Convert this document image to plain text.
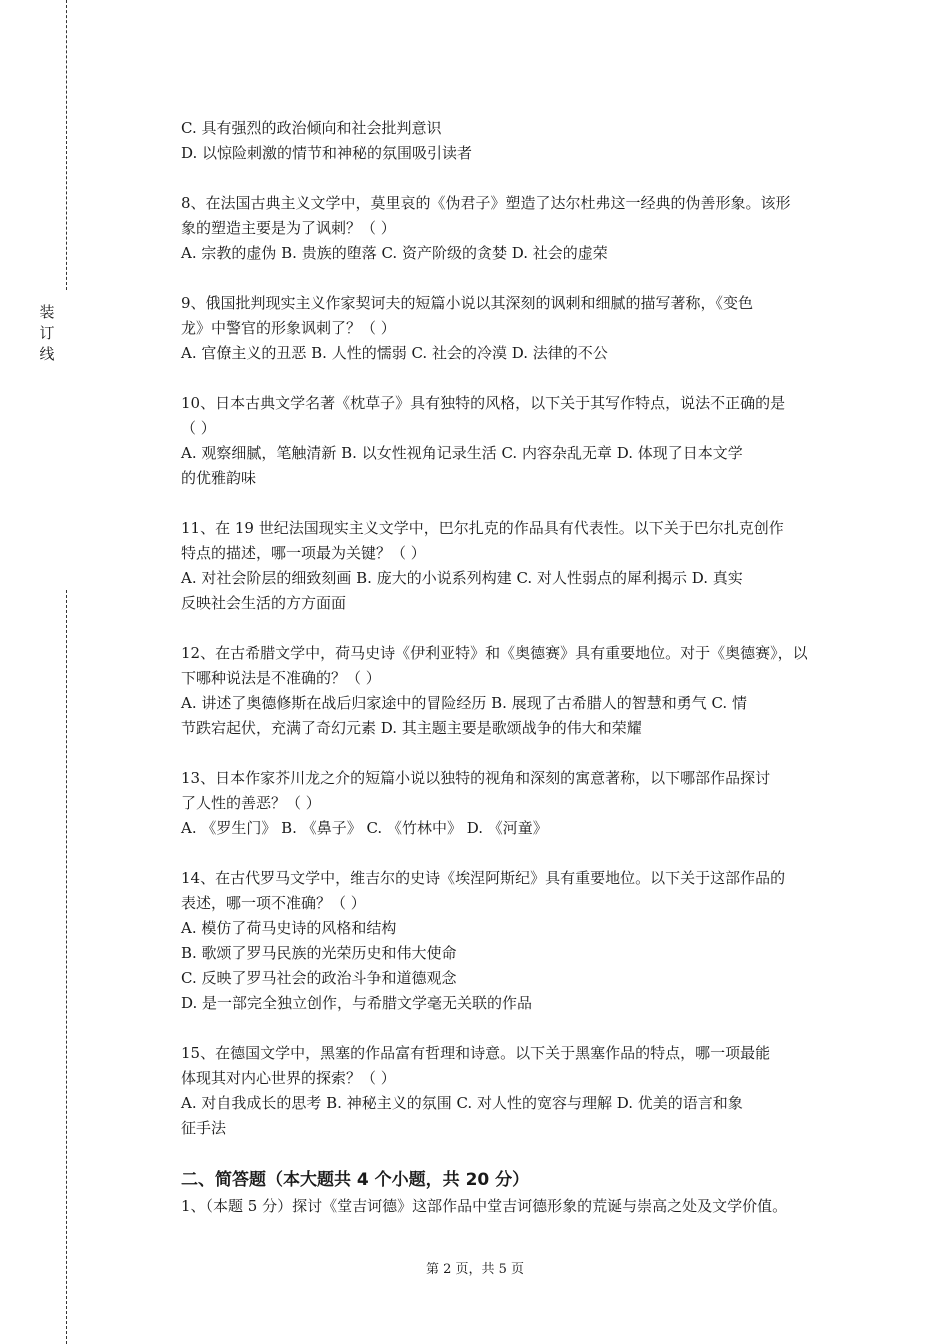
装
订
线
C. 具有强烈的政治倾向和社会批判意识
D. 以惊险刺激的情节和神秘的氛围吸引读者
8、在法国古典主义文学中，莫里哀的《伪君子》塑造了达尔杜弗这一经典的伪善形象。该形
象的塑造主要是为了讽刺？（ ）
A. 宗教的虚伪 B. 贵族的堕落 C. 资产阶级的贪婪 D. 社会的虚荣
9、俄国批判现实主义作家契诃夫的短篇小说以其深刻的讽刺和细腻的描写著称，《变色
龙》中警官的形象讽刺了？（ ）
A. 官僚主义的丑恶 B. 人性的懦弱 C. 社会的冷漠 D. 法律的不公
10、日本古典文学名著《枕草子》具有独特的风格，以下关于其写作特点，说法不正确的是
（ ）
A. 观察细腻，笔触清新 B. 以女性视角记录生活 C. 内容杂乱无章 D. 体现了日本文学
的优雅韵味
11、在 19 世纪法国现实主义文学中，巴尔扎克的作品具有代表性。以下关于巴尔扎克创作
特点的描述，哪一项最为关键？（ ）
A. 对社会阶层的细致刻画 B. 庞大的小说系列构建 C. 对人性弱点的犀利揭示 D. 真实
反映社会生活的方方面面
12、在古希腊文学中，荷马史诗《伊利亚特》和《奥德赛》具有重要地位。对于《奥德赛》，以
下哪种说法是不准确的？（ ）
A. 讲述了奥德修斯在战后归家途中的冒险经历 B. 展现了古希腊人的智慧和勇气 C. 情
节跌宕起伏，充满了奇幻元素 D. 其主题主要是歌颂战争的伟大和荣耀
13、日本作家芥川龙之介的短篇小说以独特的视角和深刻的寓意著称，以下哪部作品探讨
了人性的善恶？（ ）
A. 《罗生门》 B. 《鼻子》 C. 《竹林中》 D. 《河童》
14、在古代罗马文学中，维吉尔的史诗《埃涅阿斯纪》具有重要地位。以下关于这部作品的
表述，哪一项不准确？（ ）
A. 模仿了荷马史诗的风格和结构
B. 歌颂了罗马民族的光荣历史和伟大使命
C. 反映了罗马社会的政治斗争和道德观念
D. 是一部完全独立创作，与希腊文学毫无关联的作品
15、在德国文学中，黑塞的作品富有哲理和诗意。以下关于黑塞作品的特点，哪一项最能
体现其对内心世界的探索？（ ）
A. 对自我成长的思考 B. 神秘主义的氛围 C. 对人性的宽容与理解 D. 优美的语言和象
征手法
二、简答题（本大题共 4 个小题，共 20 分）
1、（本题 5 分）探讨《堂吉诃德》这部作品中堂吉诃德形象的荒诞与崇高之处及文学价值。
第 2 页，共 5 页
